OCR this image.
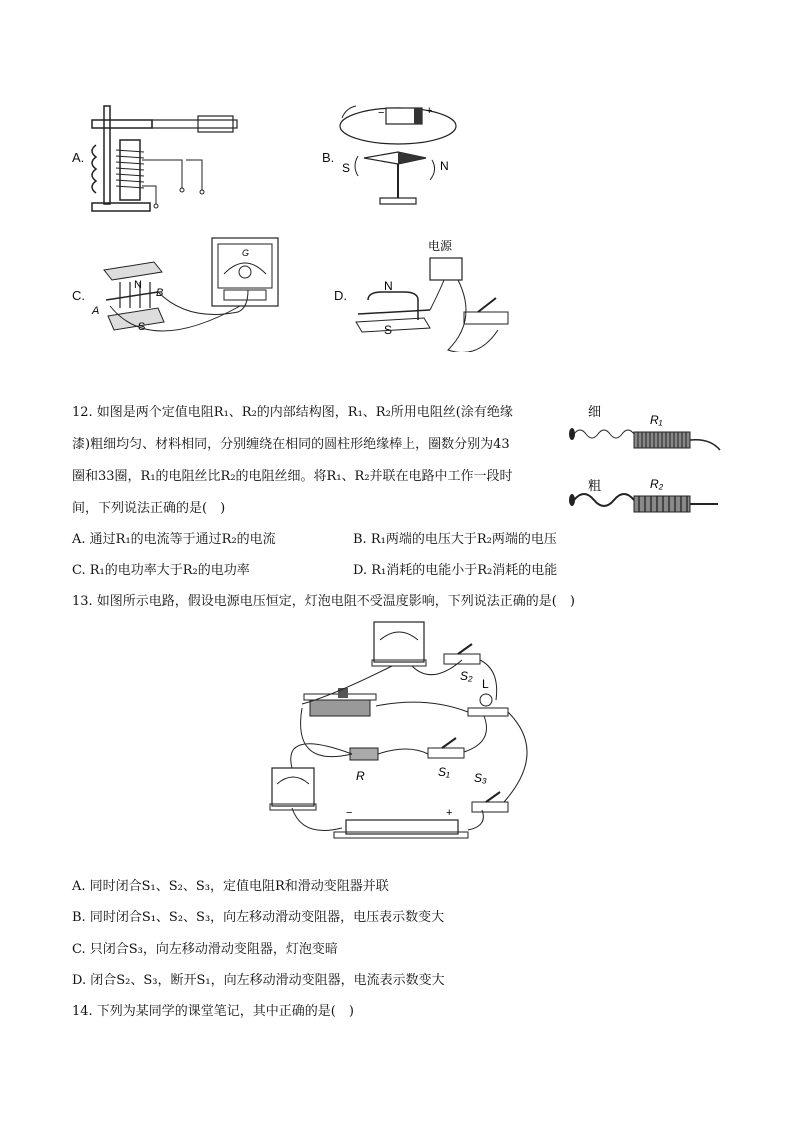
A.	B.
−	+
S	N
C.
N
B
A
S
G
D.
电源
N
S
12. 如图是两个定值电阻R₁、R₂的内部结构图，R₁、R₂所用电阻丝(涂有绝缘
漆)粗细均匀、材料相同，分别缠绕在相同的圆柱形绝缘棒上，圈数分别为43
圈和33圈，R₁的电阻丝比R₂的电阻丝细。将R₁、R₂并联在电路中工作一段时
间，下列说法正确的是(　)
细
R₁
粗	R₂
A. 通过R₁的电流等于通过R₂的电流	B. R₁两端的电压大于R₂两端的电压
C. R₁的电功率大于R₂的电功率	D. R₁消耗的电能小于R₂消耗的电能
13. 如图所示电路，假设电源电压恒定，灯泡电阻不受温度影响，下列说法正确的是(　)
S₂
L
R	S₁ S₃
−	+
A. 同时闭合S₁、S₂、S₃，定值电阻R和滑动变阻器并联
B. 同时闭合S₁、S₂、S₃，向左移动滑动变阻器，电压表示数变大
C. 只闭合S₃，向左移动滑动变阻器，灯泡变暗
D. 闭合S₂、S₃，断开S₁，向左移动滑动变阻器，电流表示数变大
14. 下列为某同学的课堂笔记，其中正确的是(　)
